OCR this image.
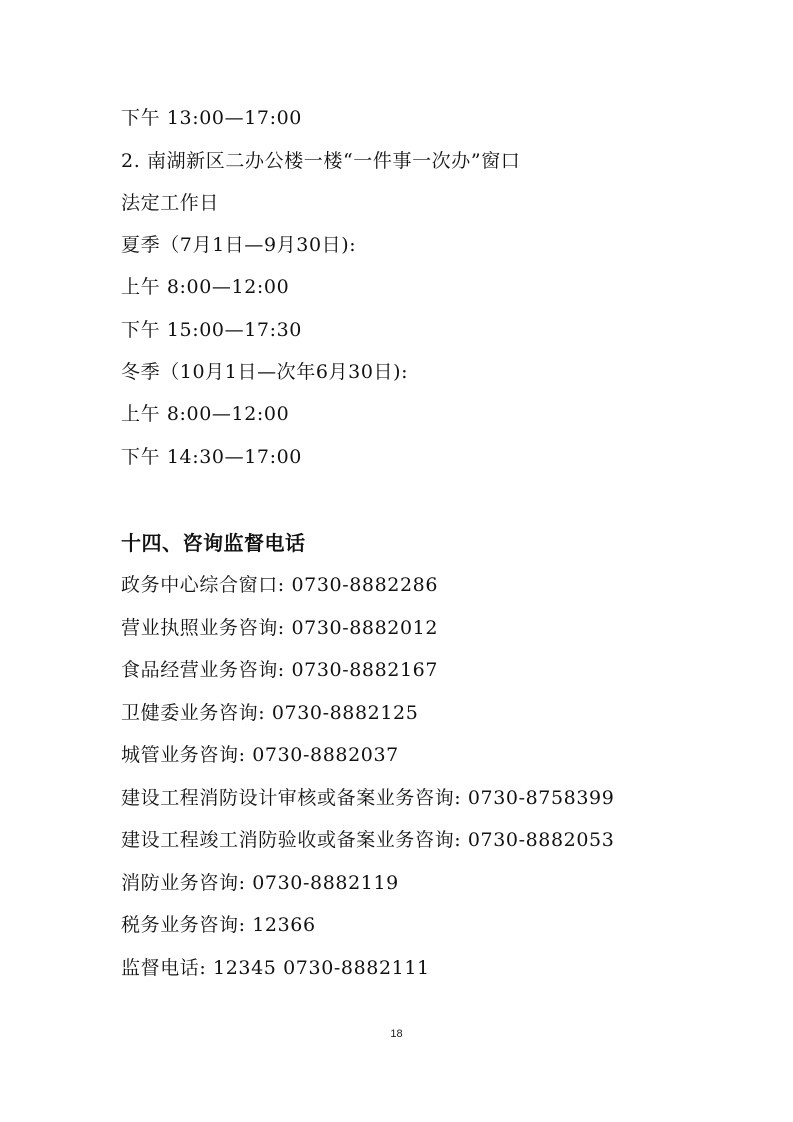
下午 13:00—17:00
2. 南湖新区二办公楼一楼“一件事一次办”窗口
法定工作日
夏季（7月1日—9月30日):
上午 8:00—12:00
下午 15:00—17:30
冬季（10月1日—次年6月30日):
上午 8:00—12:00
下午 14:30—17:00
十四、咨询监督电话
政务中心综合窗口: 0730-8882286
营业执照业务咨询: 0730-8882012
食品经营业务咨询: 0730-8882167
卫健委业务咨询: 0730-8882125
城管业务咨询: 0730-8882037
建设工程消防设计审核或备案业务咨询: 0730-8758399
建设工程竣工消防验收或备案业务咨询: 0730-8882053
消防业务咨询: 0730-8882119
税务业务咨询: 12366
监督电话: 12345 0730-8882111
18
